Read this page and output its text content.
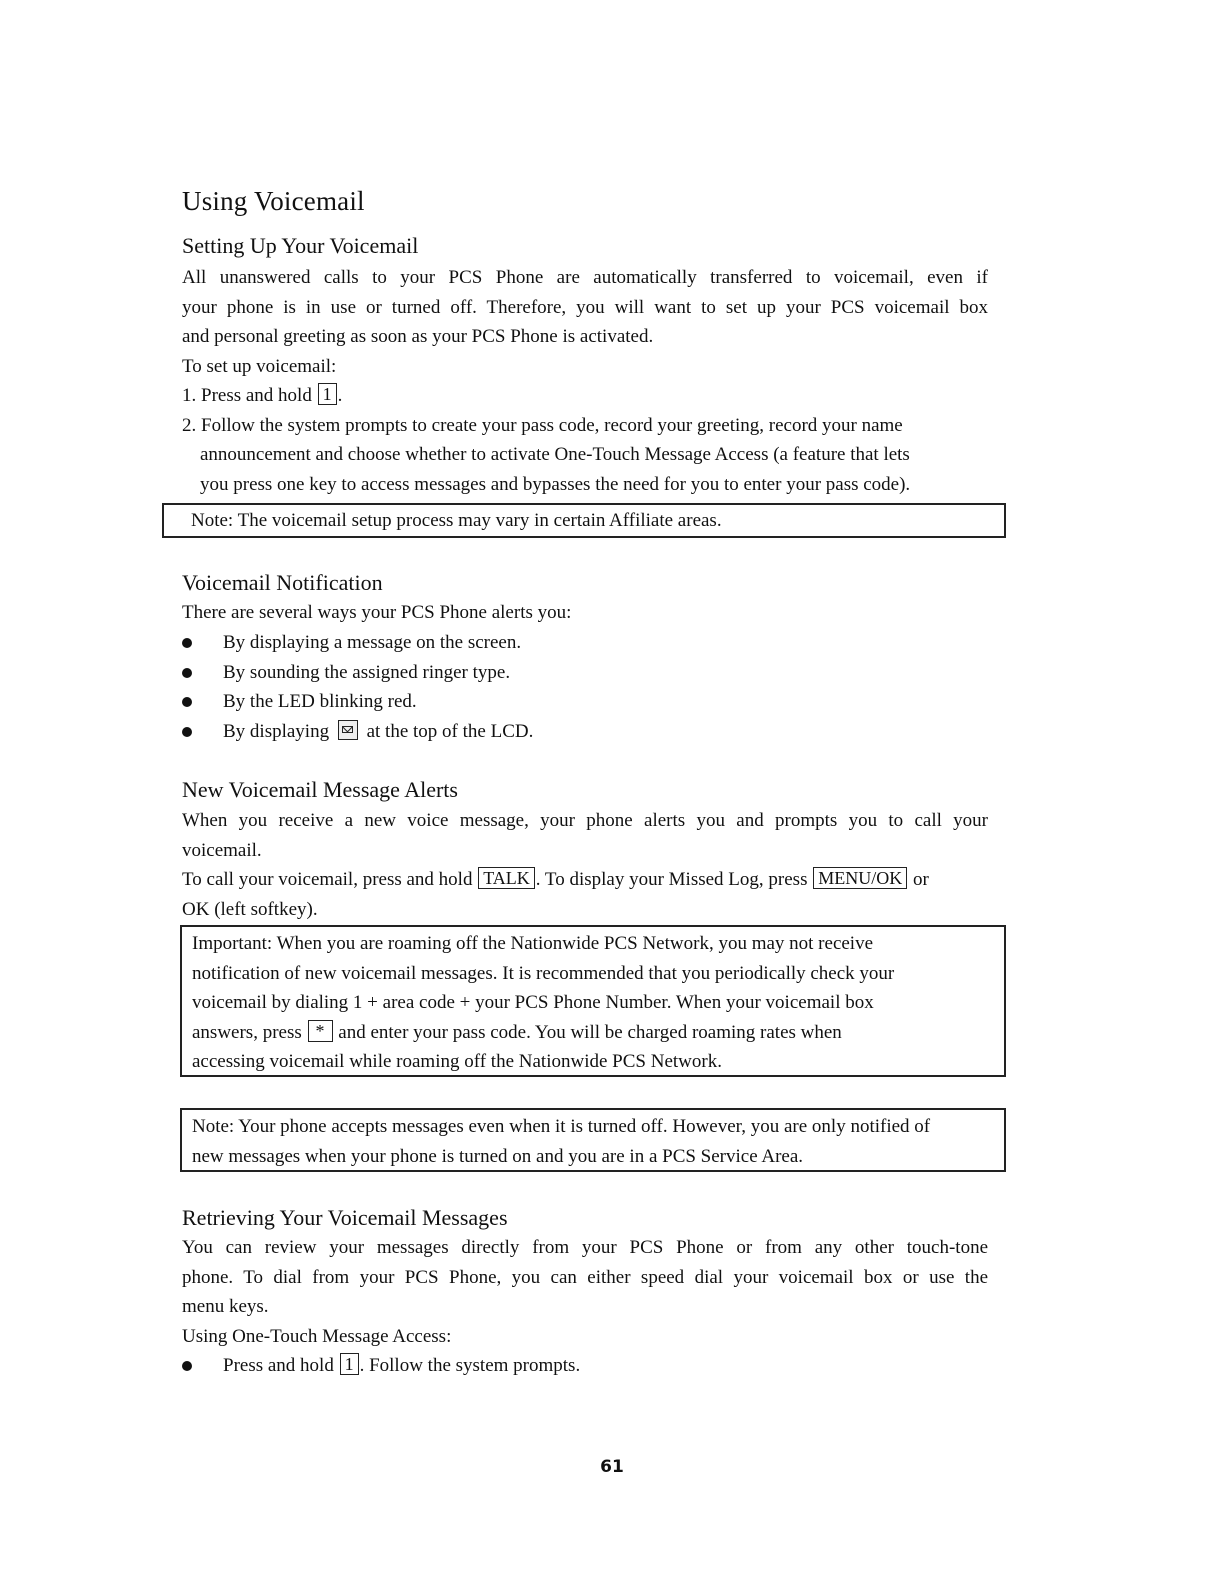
Using Voicemail
Setting Up Your Voicemail
All unanswered calls to your PCS Phone are automatically transferred to voicemail, even if
your phone is in use or turned off. Therefore, you will want to set up your PCS voicemail box
and personal greeting as soon as your PCS Phone is activated.
To set up voicemail:
1. Press and hold 1 .
2. Follow the system prompts to create your pass code, record your greeting, record your name
announcement and choose whether to activate One-Touch Message Access (a feature that lets
you press one key to access messages and bypasses the need for you to enter your pass code).
Note: The voicemail setup process may vary in certain Affiliate areas.
Voicemail Notification
There are several ways your PCS Phone alerts you:
By displaying a message on the screen.
By sounding the assigned ringer type.
By the LED blinking red.
By displaying at the top of the LCD.
New Voicemail Message Alerts
When you receive a new voice message, your phone alerts you and prompts you to call your
voicemail.
To call your voicemail, press and hold TALK . To display your Missed Log, press MENU/OK or
OK (left softkey).
Important: When you are roaming off the Nationwide PCS Network, you may not receive
notification of new voicemail messages. It is recommended that you periodically check your
voicemail by dialing 1 + area code + your PCS Phone Number. When your voicemail box
answers, press * and enter your pass code. You will be charged roaming rates when
accessing voicemail while roaming off the Nationwide PCS Network.
Note: Your phone accepts messages even when it is turned off. However, you are only notified of
new messages when your phone is turned on and you are in a PCS Service Area.
Retrieving Your Voicemail Messages
You can review your messages directly from your PCS Phone or from any other touch-tone
phone. To dial from your PCS Phone, you can either speed dial your voicemail box or use the
menu keys.
Using One-Touch Message Access:
Press and hold 1 . Follow the system prompts.
61
